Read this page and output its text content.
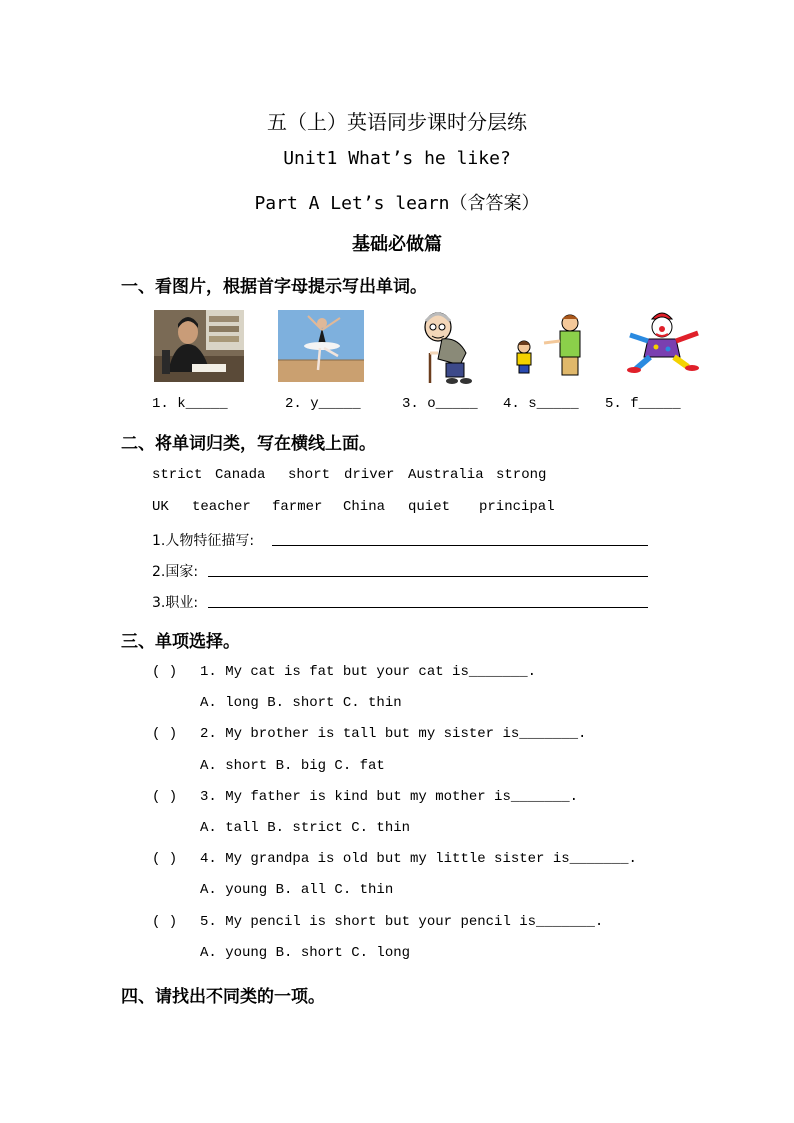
五（上）英语同步课时分层练
Unit1 What’s he like?
Part A Let’s learn（含答案）
基础必做篇
一、看图片，根据首字母提示写出单词。
1. k_____	2. y_____	3. o_____ 4. s_____ 5. f_____
二、将单词归类，写在横线上面。
strict Canada short driver Australia strong
UK teacher farmer China quiet principal
1.人物特征描写:
2.国家:
3.职业:
三、单项选择。
( ) 1. My cat is fat but your cat is_______.
A. long B. short C. thin
( ) 2. My brother is tall but my sister is_______.
A. short B. big C. fat
( ) 3. My father is kind but my mother is_______.
A. tall B. strict C. thin
( ) 4. My grandpa is old but my little sister is_______.
A. young B. all C. thin
( ) 5. My pencil is short but your pencil is_______.
A. young B. short C. long
四、请找出不同类的一项。
